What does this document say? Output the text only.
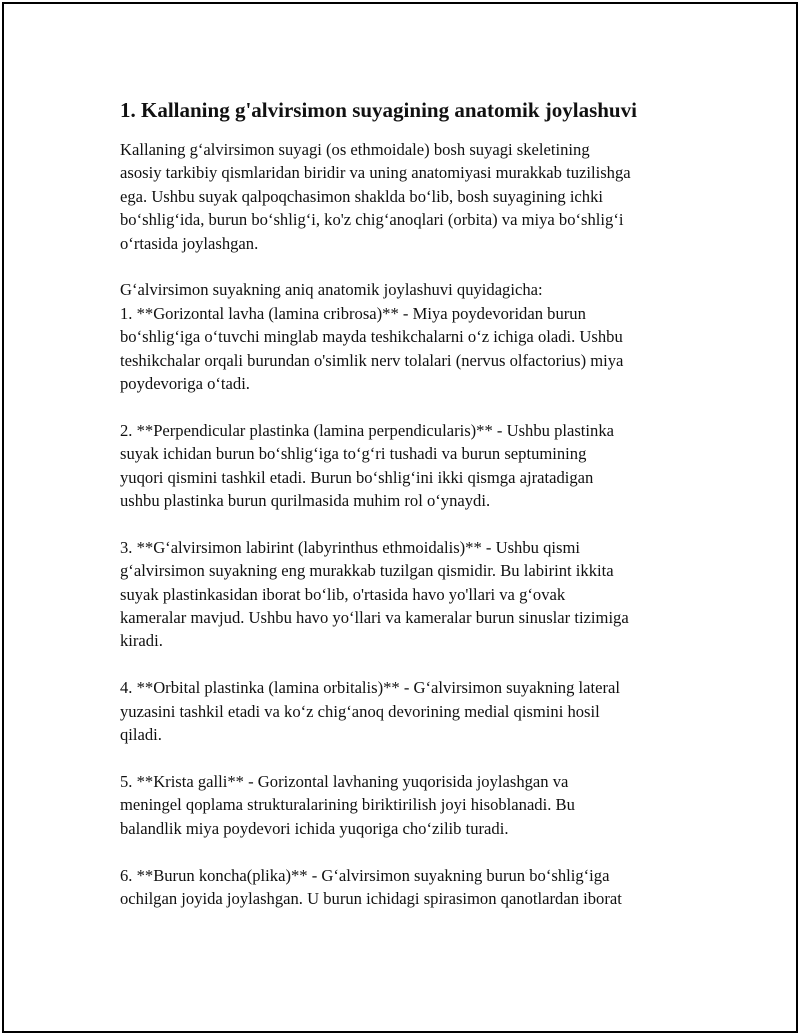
1. Kallaning g'alvirsimon suyagining anatomik joylashuvi
Kallaning g‘alvirsimon suyagi (os ethmoidale) bosh suyagi skeletining
asosiy tarkibiy qismlaridan biridir va uning anatomiyasi murakkab tuzilishga
ega. Ushbu suyak qalpoqchasimon shaklda bo‘lib, bosh suyagining ichki
bo‘shlig‘ida, burun bo‘shlig‘i, ko'z chig‘anoqlari (orbita) va miya bo‘shlig‘i
o‘rtasida joylashgan.
G‘alvirsimon suyakning aniq anatomik joylashuvi quyidagicha:
1. **Gorizontal lavha (lamina cribrosa)** - Miya poydevoridan burun
bo‘shlig‘iga o‘tuvchi minglab mayda teshikchalarni o‘z ichiga oladi. Ushbu
teshikchalar orqali burundan o'simlik nerv tolalari (nervus olfactorius) miya
poydevoriga o‘tadi.
2. **Perpendicular plastinka (lamina perpendicularis)** - Ushbu plastinka
suyak ichidan burun bo‘shlig‘iga to‘g‘ri tushadi va burun septumining
yuqori qismini tashkil etadi. Burun bo‘shlig‘ini ikki qismga ajratadigan
ushbu plastinka burun qurilmasida muhim rol o‘ynaydi.
3. **G‘alvirsimon labirint (labyrinthus ethmoidalis)** - Ushbu qismi
g‘alvirsimon suyakning eng murakkab tuzilgan qismidir. Bu labirint ikkita
suyak plastinkasidan iborat bo‘lib, o'rtasida havo yo'llari va g‘ovak
kameralar mavjud. Ushbu havo yo‘llari va kameralar burun sinuslar tizimiga
kiradi.
4. **Orbital plastinka (lamina orbitalis)** - G‘alvirsimon suyakning lateral
yuzasini tashkil etadi va ko‘z chig‘anoq devorining medial qismini hosil
qiladi.
5. **Krista galli** - Gorizontal lavhaning yuqorisida joylashgan va
meningel qoplama strukturalarining biriktirilish joyi hisoblanadi. Bu
balandlik miya poydevori ichida yuqoriga cho‘zilib turadi.
6. **Burun koncha(plika)** - G‘alvirsimon suyakning burun bo‘shlig‘iga
ochilgan joyida joylashgan. U burun ichidagi spirasimon qanotlardan iborat
